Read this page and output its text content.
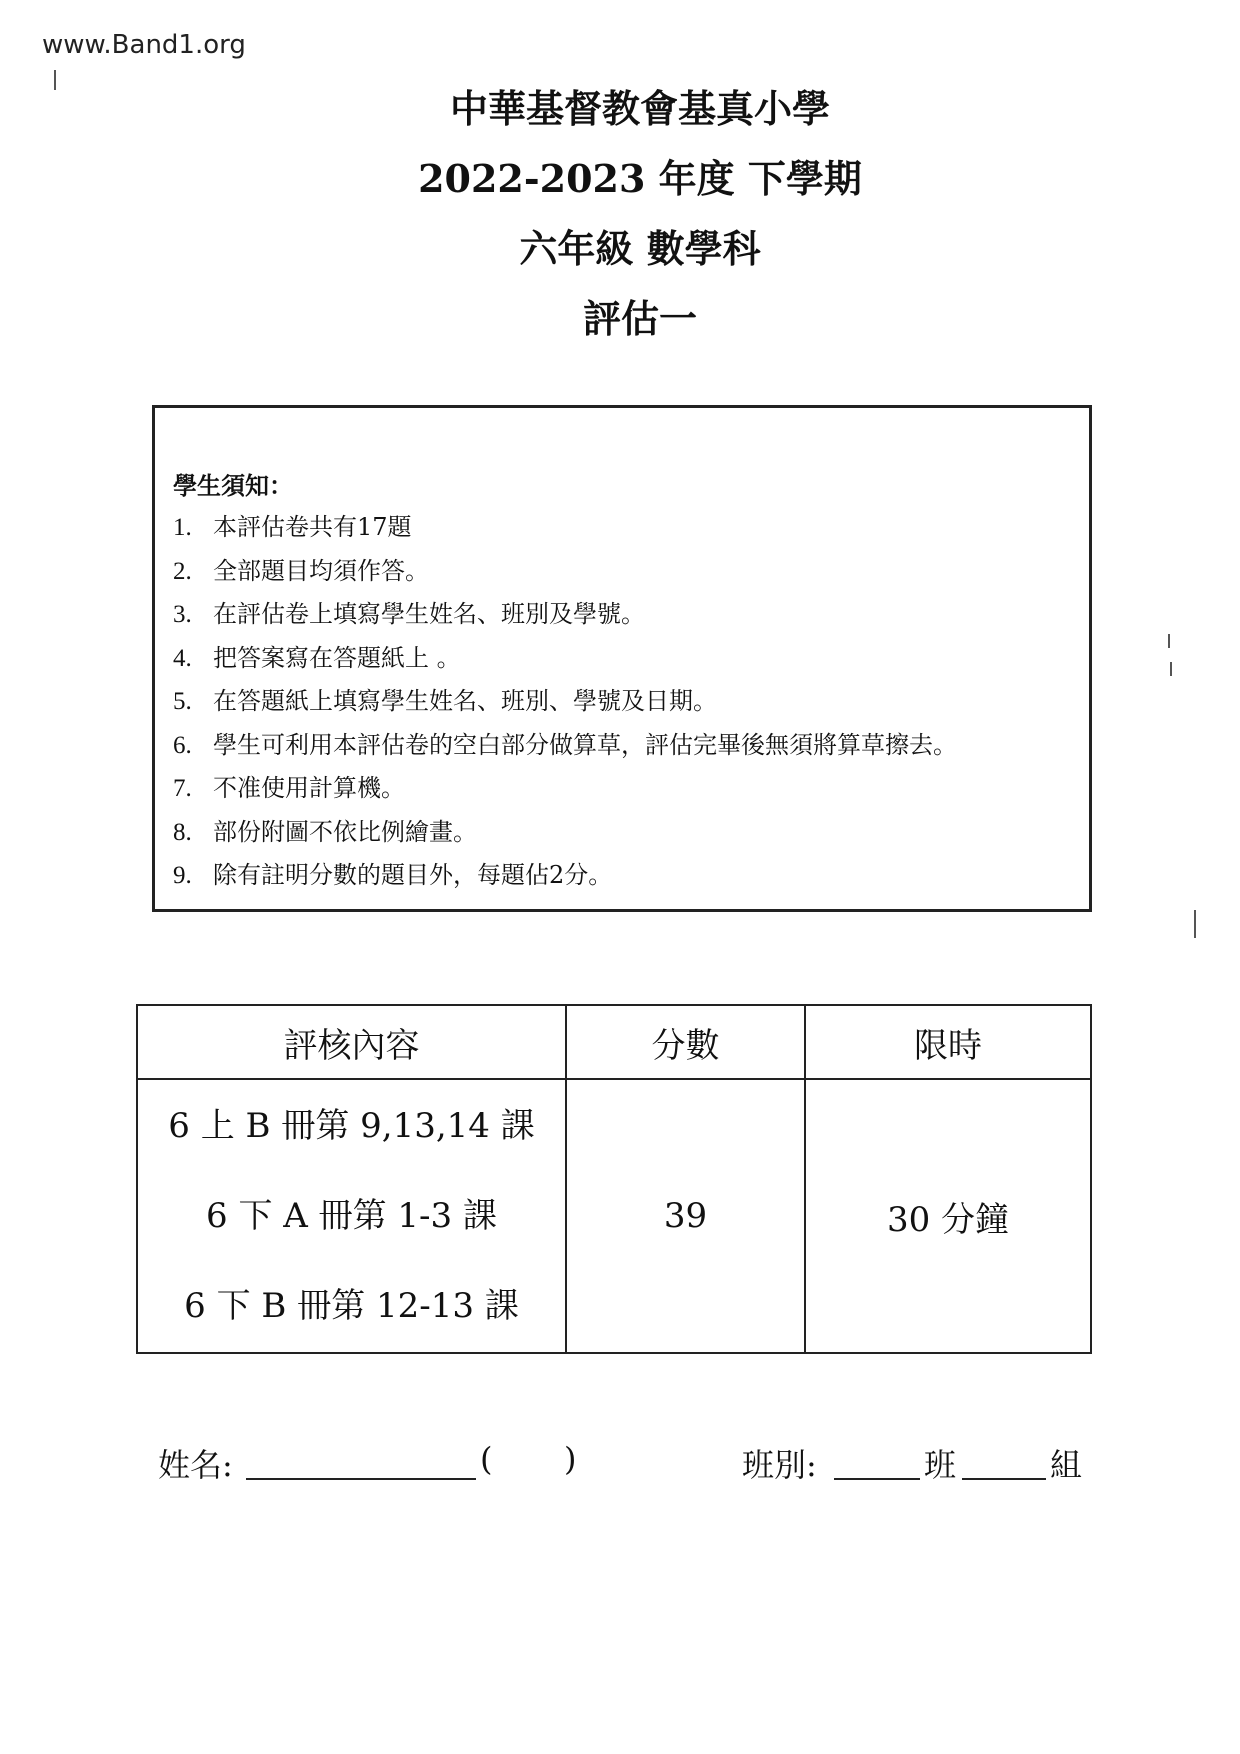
www.Band1.org
中華基督教會基真小學
2022-2023 年度 下學期
六年級 數學科
評估一
學生須知：
1. 本評估卷共有17題
2. 全部題目均須作答。
3. 在評估卷上填寫學生姓名、班別及學號。
4. 把答案寫在答題紙上 。
5. 在答題紙上填寫學生姓名、班別、學號及日期。
6. 學生可利用本評估卷的空白部分做算草，評估完畢後無須將算草擦去。
7. 不准使用計算機。
8. 部份附圖不依比例繪畫。
9. 除有註明分數的題目外，每題佔2分。
評核內容	分數	限時

6 上 B 冊第 9,13,14 課
6 下 A 冊第 1-3 課
6 下 B 冊第 12-13 課	39	30 分鐘
姓名:	( )	班別:	班	組
